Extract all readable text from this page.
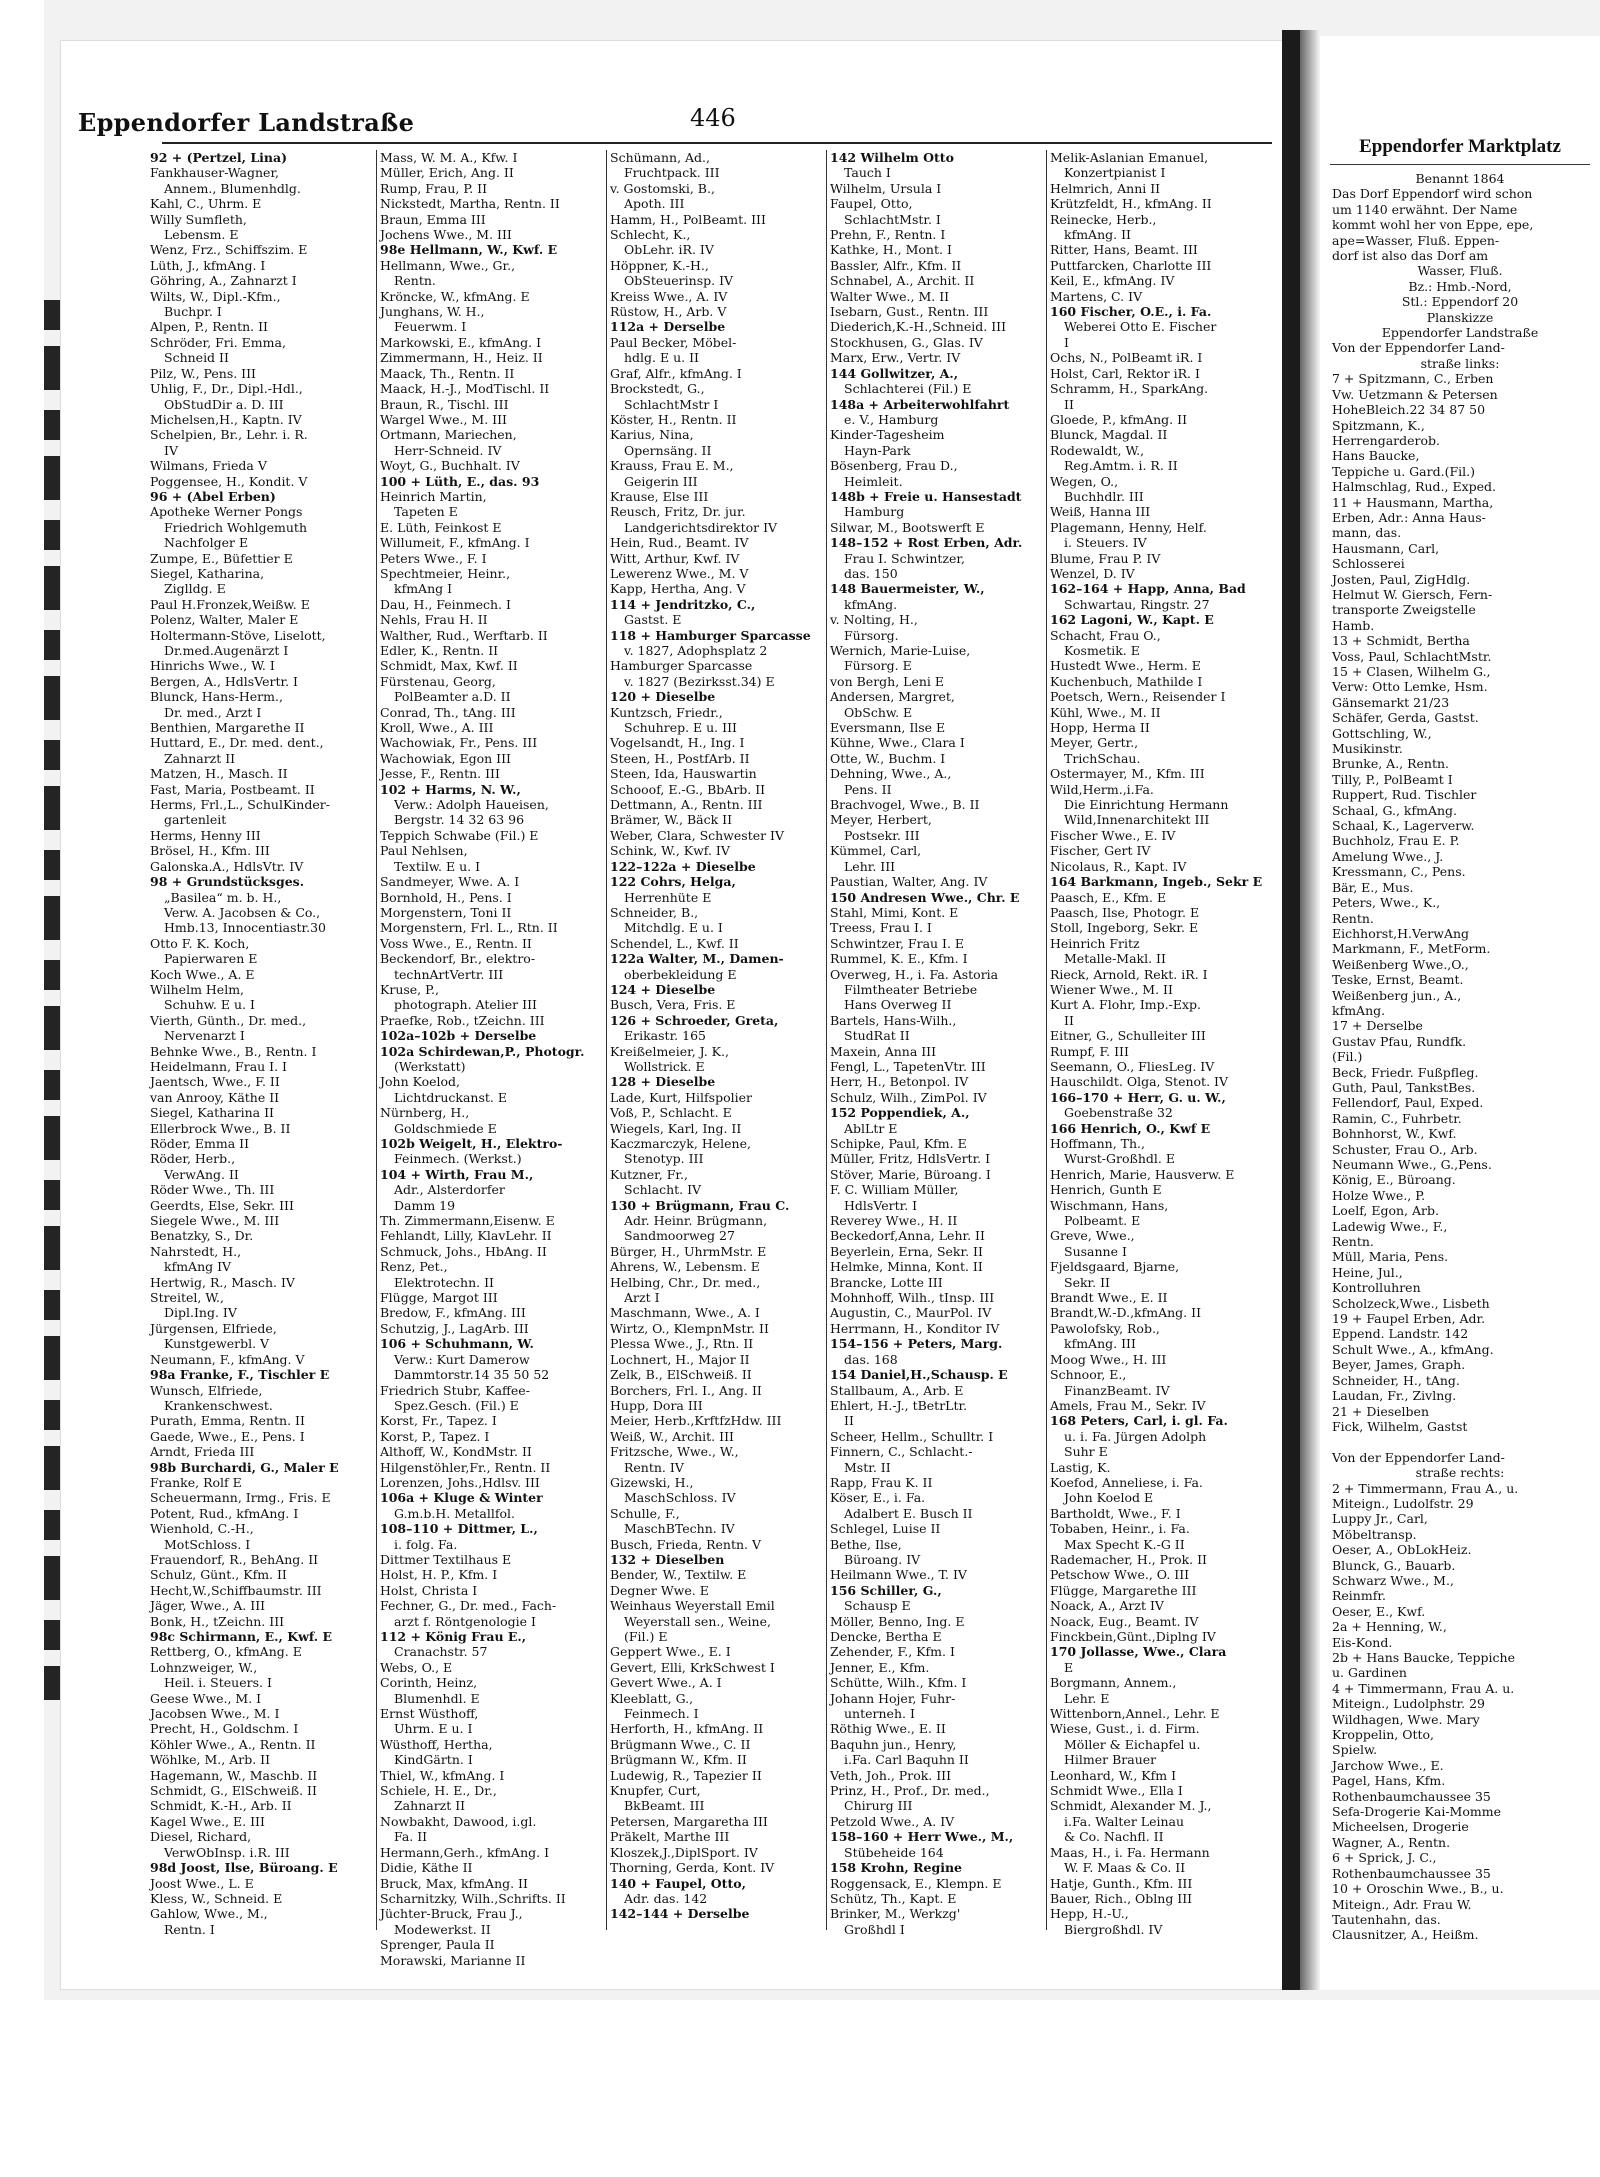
Eppendorfer Landstraße	446
92 + (Pertzel, Lina)
Fankhauser-Wagner,
Annem., Blumenhdlg.
Kahl, C., Uhrm. E
Willy Sumfleth,
Lebensm. E
Wenz, Frz., Schiffszim. E
Lüth, J., kfmAng. I
Göhring, A., Zahnarzt I
Wilts, W., Dipl.-Kfm.,
Buchpr. I
Alpen, P., Rentn. II
Schröder, Fri. Emma,
Schneid II
Pilz, W., Pens. III
Uhlig, F., Dr., Dipl.-Hdl.,
ObStudDir a. D. III
Michelsen,H., Kaptn. IV
Schelpien, Br., Lehr. i. R.
IV
Wilmans, Frieda V
Poggensee, H., Kondit. V
96 + (Abel Erben)
Apotheke Werner Pongs
Friedrich Wohlgemuth
Nachfolger E
Zumpe, E., Büfettier E
Siegel, Katharina,
Ziglldg. E
Paul H.Fronzek,Weißw. E
Polenz, Walter, Maler E
Holtermann-Stöve, Liselott,
Dr.med.Augenärzt I
Hinrichs Wwe., W. I
Bergen, A., HdlsVertr. I
Blunck, Hans-Herm.,
Dr. med., Arzt I
Benthien, Margarethe II
Huttard, E., Dr. med. dent.,
Zahnarzt II
Matzen, H., Masch. II
Fast, Maria, Postbeamt. II
Herms, Frl.,L., SchulKinder-
gartenleit
Herms, Henny III
Brösel, H., Kfm. III
Galonska.A., HdlsVtr. IV
98 + Grundstücksges.
„Basilea“ m. b. H.,
Verw. A. Jacobsen & Co.,
Hmb.13, Innocentiastr.30
Otto F. K. Koch,
Papierwaren E
Koch Wwe., A. E
Wilhelm Helm,
Schuhw. E u. I
Vierth, Günth., Dr. med.,
Nervenarzt I
Behnke Wwe., B., Rentn. I
Heidelmann, Frau I. I
Jaentsch, Wwe., F. II
van Anrooy, Käthe II
Siegel, Katharina II
Ellerbrock Wwe., B. II
Röder, Emma II
Röder, Herb.,
VerwAng. II
Röder Wwe., Th. III
Geerdts, Else, Sekr. III
Siegele Wwe., M. III
Benatzky, S., Dr.
Nahrstedt, H.,
kfmAng IV
Hertwig, R., Masch. IV
Streitel, W.,
Dipl.Ing. IV
Jürgensen, Elfriede,
Kunstgewerbl. V
Neumann, F., kfmAng. V
98a Franke, F., Tischler E
Wunsch, Elfriede,
Krankenschwest.
Purath, Emma, Rentn. II
Gaede, Wwe., E., Pens. I
Arndt, Frieda III
98b Burchardi, G., Maler E
Franke, Rolf E
Scheuermann, Irmg., Fris. E
Potent, Rud., kfmAng. I
Wienhold, C.-H.,
MotSchloss. I
Frauendorf, R., BehAng. II
Schulz, Günt., Kfm. II
Hecht,W.,Schiffbaumstr. III
Jäger, Wwe., A. III
Bonk, H., tZeichn. III
98c Schirmann, E., Kwf. E
Rettberg, O., kfmAng. E
Lohnzweiger, W.,
Heil. i. Steuers. I
Geese Wwe., M. I
Jacobsen Wwe., M. I
Precht, H., Goldschm. I
Köhler Wwe., A., Rentn. II
Wöhlke, M., Arb. II
Hagemann, W., Maschb. II
Schmidt, G., ElSchweiß. II
Schmidt, K.-H., Arb. II
Kagel Wwe., E. III
Diesel, Richard,
VerwObInsp. i.R. III
98d Joost, Ilse, Büroang. E
Joost Wwe., L. E
Kless, W., Schneid. E
Gahlow, Wwe., M.,
Rentn. I
Mass, W. M. A., Kfw. I
Müller, Erich, Ang. II
Rump, Frau, P. II
Nickstedt, Martha, Rentn. II
Braun, Emma III
Jochens Wwe., M. III
98e Hellmann, W., Kwf. E
Hellmann, Wwe., Gr.,
Rentn.
Kröncke, W., kfmAng. E
Junghans, W. H.,
Feuerwm. I
Markowski, E., kfmAng. I
Zimmermann, H., Heiz. II
Maack, Th., Rentn. II
Maack, H.-J., ModTischl. II
Braun, R., Tischl. III
Wargel Wwe., M. III
Ortmann, Mariechen,
Herr-Schneid. IV
Woyt, G., Buchhalt. IV
100 + Lüth, E., das. 93
Heinrich Martin,
Tapeten E
E. Lüth, Feinkost E
Willumeit, F., kfmAng. I
Peters Wwe., F. I
Spechtmeier, Heinr.,
kfmAng I
Dau, H., Feinmech. I
Nehls, Frau H. II
Walther, Rud., Werftarb. II
Edler, K., Rentn. II
Schmidt, Max, Kwf. II
Fürstenau, Georg,
PolBeamter a.D. II
Conrad, Th., tAng. III
Kroll, Wwe., A. III
Wachowiak, Fr., Pens. III
Wachowiak, Egon III
Jesse, F., Rentn. III
102 + Harms, N. W.,
Verw.: Adolph Haueisen,
Bergstr. 14 32 63 96
Teppich Schwabe (Fil.) E
Paul Nehlsen,
Textilw. E u. I
Sandmeyer, Wwe. A. I
Bornhold, H., Pens. I
Morgenstern, Toni II
Morgenstern, Frl. L., Rtn. II
Voss Wwe., E., Rentn. II
Beckendorf, Br., elektro-
technArtVertr. III
Kruse, P.,
photograph. Atelier III
Praefke, Rob., tZeichn. III
102a–102b + Derselbe
102a Schirdewan,P., Photogr.
(Werkstatt)
John Koelod,
Lichtdruckanst. E
Nürnberg, H.,
Goldschmiede E
102b Weigelt, H., Elektro-
Feinmech. (Werkst.)
104 + Wirth, Frau M.,
Adr., Alsterdorfer
Damm 19
Th. Zimmermann,Eisenw. E
Fehlandt, Lilly, KlavLehr. II
Schmuck, Johs., HbAng. II
Renz, Pet.,
Elektrotechn. II
Flügge, Margot III
Bredow, F., kfmAng. III
Schutzig, J., LagArb. III
106 + Schuhmann, W.
Verw.: Kurt Damerow
Dammtorstr.14 35 50 52
Friedrich Stubr, Kaffee-
Spez.Gesch. (Fil.) E
Korst, Fr., Tapez. I
Korst, P., Tapez. I
Althoff, W., KondMstr. II
Hilgenstöhler,Fr., Rentn. II
Lorenzen, Johs.,Hdlsv. III
106a + Kluge & Winter
G.m.b.H. Metallfol.
108–110 + Dittmer, L.,
i. folg. Fa.
Dittmer Textilhaus E
Holst, H. P., Kfm. I
Holst, Christa I
Fechner, G., Dr. med., Fach-
arzt f. Röntgenologie I
112 + König Frau E.,
Cranachstr. 57
Webs, O., E
Corinth, Heinz,
Blumenhdl. E
Ernst Wüsthoff,
Uhrm. E u. I
Wüsthoff, Hertha,
KindGärtn. I
Thiel, W., kfmAng. I
Schiele, H. E., Dr.,
Zahnarzt II
Nowbakht, Dawood, i.gl.
Fa. II
Hermann,Gerh., kfmAng. I
Didie, Käthe II
Bruck, Max, kfmAng. II
Scharnitzky, Wilh.,Schrifts. II
Jüchter-Bruck, Frau J.,
Modewerkst. II
Sprenger, Paula II
Morawski, Marianne II
Schümann, Ad.,
Fruchtpack. III
v. Gostomski, B.,
Apoth. III
Hamm, H., PolBeamt. III
Schlecht, K.,
ObLehr. iR. IV
Höppner, K.-H.,
ObSteuerinsp. IV
Kreiss Wwe., A. IV
Rüstow, H., Arb. V
112a + Derselbe
Paul Becker, Möbel-
hdlg. E u. II
Graf, Alfr., kfmAng. I
Brockstedt, G.,
SchlachtMstr I
Köster, H., Rentn. II
Karius, Nina,
Opernsäng. II
Krauss, Frau E. M.,
Geigerin III
Krause, Else III
Reusch, Fritz, Dr. jur.
Landgerichtsdirektor IV
Hein, Rud., Beamt. IV
Witt, Arthur, Kwf. IV
Lewerenz Wwe., M. V
Kapp, Hertha, Ang. V
114 + Jendritzko, C.,
Gastst. E
118 + Hamburger Sparcasse
v. 1827, Adophsplatz 2
Hamburger Sparcasse
v. 1827 (Bezirksst.34) E
120 + Dieselbe
Kuntzsch, Friedr.,
Schuhrep. E u. III
Vogelsandt, H., Ing. I
Steen, H., PostfArb. II
Steen, Ida, Hauswartin
Schooof, E.-G., BbArb. II
Dettmann, A., Rentn. III
Brämer, W., Bäck II
Weber, Clara, Schwester IV
Schink, W., Kwf. IV
122–122a + Dieselbe
122 Cohrs, Helga,
Herrenhüte E
Schneider, B.,
Mitchdlg. E u. I
Schendel, L., Kwf. II
122a Walter, M., Damen-
oberbekleidung E
124 + Dieselbe
Busch, Vera, Fris. E
126 + Schroeder, Greta,
Erikastr. 165
Kreißelmeier, J. K.,
Wollstrick. E
128 + Dieselbe
Lade, Kurt, Hilfspolier
Voß, P., Schlacht. E
Wiegels, Karl, Ing. II
Kaczmarczyk, Helene,
Stenotyp. III
Kutzner, Fr.,
Schlacht. IV
130 + Brügmann, Frau C.
Adr. Heinr. Brügmann,
Sandmoorweg 27
Bürger, H., UhrmMstr. E
Ahrens, W., Lebensm. E
Helbing, Chr., Dr. med.,
Arzt I
Maschmann, Wwe., A. I
Wirtz, O., KlempnMstr. II
Plessa Wwe., J., Rtn. II
Lochnert, H., Major II
Zelk, B., ElSchweiß. II
Borchers, Frl. I., Ang. II
Hupp, Dora III
Meier, Herb.,KrftfzHdw. III
Weiß, W., Archit. III
Fritzsche, Wwe., W.,
Rentn. IV
Gizewski, H.,
MaschSchloss. IV
Schulle, F.,
MaschBTechn. IV
Busch, Frieda, Rentn. V
132 + Dieselben
Bender, W., Textilw. E
Degner Wwe. E
Weinhaus Weyerstall Emil
Weyerstall sen., Weine,
(Fil.) E
Geppert Wwe., E. I
Gevert, Elli, KrkSchwest I
Gevert Wwe., A. I
Kleeblatt, G.,
Feinmech. I
Herforth, H., kfmAng. II
Brügmann Wwe., C. II
Brügmann W., Kfm. II
Ludewig, R., Tapezier II
Knupfer, Curt,
BkBeamt. III
Petersen, Margaretha III
Präkelt, Marthe III
Kloszek,J.,DiplSport. IV
Thorning, Gerda, Kont. IV
140 + Faupel, Otto,
Adr. das. 142
142–144 + Derselbe
142 Wilhelm Otto
Tauch I
Wilhelm, Ursula I
Faupel, Otto,
SchlachtMstr. I
Prehn, F., Rentn. I
Kathke, H., Mont. I
Bassler, Alfr., Kfm. II
Schnabel, A., Archit. II
Walter Wwe., M. II
Isebarn, Gust., Rentn. III
Diederich,K.-H.,Schneid. III
Stockhusen, G., Glas. IV
Marx, Erw., Vertr. IV
144 Gollwitzer, A.,
Schlachterei (Fil.) E
148a + Arbeiterwohlfahrt
e. V., Hamburg
Kinder-Tagesheim
Hayn-Park
Bösenberg, Frau D.,
Heimleit.
148b + Freie u. Hansestadt
Hamburg
Silwar, M., Bootswerft E
148–152 + Rost Erben, Adr.
Frau I. Schwintzer,
das. 150
148 Bauermeister, W.,
kfmAng.
v. Nolting, H.,
Fürsorg.
Wernich, Marie-Luise,
Fürsorg. E
von Bergh, Leni E
Andersen, Margret,
ObSchw. E
Eversmann, Ilse E
Kühne, Wwe., Clara I
Otte, W., Buchm. I
Dehning, Wwe., A.,
Pens. II
Brachvogel, Wwe., B. II
Meyer, Herbert,
Postsekr. III
Kümmel, Carl,
Lehr. III
Paustian, Walter, Ang. IV
150 Andresen Wwe., Chr. E
Stahl, Mimi, Kont. E
Treess, Frau I. I
Schwintzer, Frau I. E
Rummel, K. E., Kfm. I
Overweg, H., i. Fa. Astoria
Filmtheater Betriebe
Hans Overweg II
Bartels, Hans-Wilh.,
StudRat II
Maxein, Anna III
Fengl, L., TapetenVtr. III
Herr, H., Betonpol. IV
Schulz, Wilh., ZimPol. IV
152 Poppendiek, A.,
AblLtr E
Schipke, Paul, Kfm. E
Müller, Fritz, HdlsVertr. I
Stöver, Marie, Büroang. I
F. C. William Müller,
HdlsVertr. I
Reverey Wwe., H. II
Beckedorf,Anna, Lehr. II
Beyerlein, Erna, Sekr. II
Helmke, Minna, Kont. II
Brancke, Lotte III
Mohnhoff, Wilh., tInsp. III
Augustin, C., MaurPol. IV
Herrmann, H., Konditor IV
154–156 + Peters, Marg.
das. 168
154 Daniel,H.,Schausp. E
Stallbaum, A., Arb. E
Ehlert, H.-J., tBetrLtr.
II
Scheer, Hellm., Schulltr. I
Finnern, C., Schlacht.-
Mstr. II
Rapp, Frau K. II
Köser, E., i. Fa.
Adalbert E. Busch II
Schlegel, Luise II
Bethe, Ilse,
Büroang. IV
Heilmann Wwe., T. IV
156 Schiller, G.,
Schausp E
Möller, Benno, Ing. E
Dencke, Bertha E
Zehender, F., Kfm. I
Jenner, E., Kfm.
Schütte, Wilh., Kfm. I
Johann Hojer, Fuhr-
unterneh. I
Röthig Wwe., E. II
Baquhn jun., Henry,
i.Fa. Carl Baquhn II
Veth, Joh., Prok. III
Prinz, H., Prof., Dr. med.,
Chirurg III
Petzold Wwe., A. IV
158–160 + Herr Wwe., M.,
Stübeheide 164
158 Krohn, Regine
Roggensack, E., Klempn. E
Schütz, Th., Kapt. E
Brinker, M., Werkzg'
Großhdl I
Melik-Aslanian Emanuel,
Konzertpianist I
Helmrich, Anni II
Krützfeldt, H., kfmAng. II
Reinecke, Herb.,
kfmAng. II
Ritter, Hans, Beamt. III
Puttfarcken, Charlotte III
Keil, E., kfmAng. IV
Martens, C. IV
160 Fischer, O.E., i. Fa.
Weberei Otto E. Fischer
I
Ochs, N., PolBeamt iR. I
Holst, Carl, Rektor iR. I
Schramm, H., SparkAng.
II
Gloede, P., kfmAng. II
Blunck, Magdal. II
Rodewaldt, W.,
Reg.Amtm. i. R. II
Wegen, O.,
Buchhdlr. III
Weiß, Hanna III
Plagemann, Henny, Helf.
i. Steuers. IV
Blume, Frau P. IV
Wenzel, D. IV
162–164 + Happ, Anna, Bad
Schwartau, Ringstr. 27
162 Lagoni, W., Kapt. E
Schacht, Frau O.,
Kosmetik. E
Hustedt Wwe., Herm. E
Kuchenbuch, Mathilde I
Poetsch, Wern., Reisender I
Kühl, Wwe., M. II
Hopp, Herma II
Meyer, Gertr.,
TrichSchau.
Ostermayer, M., Kfm. III
Wild,Herm.,i.Fa.
Die Einrichtung Hermann
Wild,Innenarchitekt III
Fischer Wwe., E. IV
Fischer, Gert IV
Nicolaus, R., Kapt. IV
164 Barkmann, Ingeb., Sekr E
Paasch, E., Kfm. E
Paasch, Ilse, Photogr. E
Stoll, Ingeborg, Sekr. E
Heinrich Fritz
Metalle-Makl. II
Rieck, Arnold, Rekt. iR. I
Wiener Wwe., M. II
Kurt A. Flohr, Imp.-Exp.
II
Eitner, G., Schulleiter III
Rumpf, F. III
Seemann, O., FliesLeg. IV
Hauschildt. Olga, Stenot. IV
166–170 + Herr, G. u. W.,
Goebenstraße 32
166 Henrich, O., Kwf E
Hoffmann, Th.,
Wurst-Großhdl. E
Henrich, Marie, Hausverw. E
Henrich, Gunth E
Wischmann, Hans,
Polbeamt. E
Greve, Wwe.,
Susanne I
Fjeldsgaard, Bjarne,
Sekr. II
Brandt Wwe., E. II
Brandt,W.-D.,kfmAng. II
Pawolofsky, Rob.,
kfmAng. III
Moog Wwe., H. III
Schnoor, E.,
FinanzBeamt. IV
Amels, Frau M., Sekr. IV
168 Peters, Carl, i. gl. Fa.
u. i. Fa. Jürgen Adolph
Suhr E
Lastig, K.
Koefod, Anneliese, i. Fa.
John Koelod E
Bartholdt, Wwe., F. I
Tobaben, Heinr., i. Fa.
Max Specht K.-G II
Rademacher, H., Prok. II
Petschow Wwe., O. III
Flügge, Margarethe III
Noack, A., Arzt IV
Noack, Eug., Beamt. IV
Finckbein,Günt.,Diplng IV
170 Jollasse, Wwe., Clara
E
Borgmann, Annem.,
Lehr. E
Wittenborn,Annel., Lehr. E
Wiese, Gust., i. d. Firm.
Möller & Eichapfel u.
Hilmer Brauer
Leonhard, W., Kfm I
Schmidt Wwe., Ella I
Schmidt, Alexander M. J.,
i.Fa. Walter Leinau
& Co. Nachfl. II
Maas, H., i. Fa. Hermann
W. F. Maas & Co. II
Hatje, Gunth., Kfm. III
Bauer, Rich., Oblng III
Hepp, H.-U.,
Biergroßhdl. IV
Eppendorfer Marktplatz
Benannt 1864
Das Dorf Eppendorf wird schon
um 1140 erwähnt. Der Name
kommt wohl her von Eppe, epe,
ape=Wasser, Fluß. Eppen-
dorf ist also das Dorf am
Wasser, Fluß.
Bz.: Hmb.-Nord,
Stl.: Eppendorf 20
Planskizze
Eppendorfer Landstraße
Von der Eppendorfer Land-
straße links:
7 + Spitzmann, C., Erben
Vw. Uetzmann & Petersen
HoheBleich.22 34 87 50
Spitzmann, K.,
Herrengarderob.
Hans Baucke,
Teppiche u. Gard.(Fil.)
Halmschlag, Rud., Exped.
11 + Hausmann, Martha,
Erben, Adr.: Anna Haus-
mann, das.
Hausmann, Carl,
Schlosserei
Josten, Paul, ZigHdlg.
Helmut W. Giersch, Fern-
transporte Zweigstelle
Hamb.
13 + Schmidt, Bertha
Voss, Paul, SchlachtMstr.
15 + Clasen, Wilhelm G.,
Verw: Otto Lemke, Hsm.
Gänsemarkt 21/23
Schäfer, Gerda, Gastst.
Gottschling, W.,
Musikinstr.
Brunke, A., Rentn.
Tilly, P., PolBeamt I
Ruppert, Rud. Tischler
Schaal, G., kfmAng.
Schaal, K., Lagerverw.
Buchholz, Frau E. P.
Amelung Wwe., J.
Kressmann, C., Pens.
Bär, E., Mus.
Peters, Wwe., K.,
Rentn.
Eichhorst,H.VerwAng
Markmann, F., MetForm.
Weißenberg Wwe.,O.,
Teske, Ernst, Beamt.
Weißenberg jun., A.,
kfmAng.
17 + Derselbe
Gustav Pfau, Rundfk.
(Fil.)
Beck, Friedr. Fußpfleg.
Guth, Paul, TankstBes.
Fellendorf, Paul, Exped.
Ramin, C., Fuhrbetr.
Bohnhorst, W., Kwf.
Schuster, Frau O., Arb.
Neumann Wwe., G.,Pens.
König, E., Büroang.
Holze Wwe., P.
Loelf, Egon, Arb.
Ladewig Wwe., F.,
Rentn.
Müll, Maria, Pens.
Heine, Jul.,
Kontrolluhren
Scholzeck,Wwe., Lisbeth
19 + Faupel Erben, Adr.
Eppend. Landstr. 142
Schult Wwe., A., kfmAng.
Beyer, James, Graph.
Schneider, H., tAng.
Laudan, Fr., Zivlng.
21 + Dieselben
Fick, Wilhelm, Gastst

Von der Eppendorfer Land-
straße rechts:
2 + Timmermann, Frau A., u.
Miteign., Ludolfstr. 29
Luppy Jr., Carl,
Möbeltransp.
Oeser, A., ObLokHeiz.
Blunck, G., Bauarb.
Schwarz Wwe., M.,
Reinmfr.
Oeser, E., Kwf.
2a + Henning, W.,
Eis-Kond.
2b + Hans Baucke, Teppiche
u. Gardinen
4 + Timmermann, Frau A. u.
Miteign., Ludolphstr. 29
Wildhagen, Wwe. Mary
Kroppelin, Otto,
Spielw.
Jarchow Wwe., E.
Pagel, Hans, Kfm.
Rothenbaumchaussee 35
Sefa-Drogerie Kai-Momme
Micheelsen, Drogerie
Wagner, A., Rentn.
6 + Sprick, J. C.,
Rothenbaumchaussee 35
10 + Oroschin Wwe., B., u.
Miteign., Adr. Frau W.
Tautenhahn, das.
Clausnitzer, A., Heißm.
